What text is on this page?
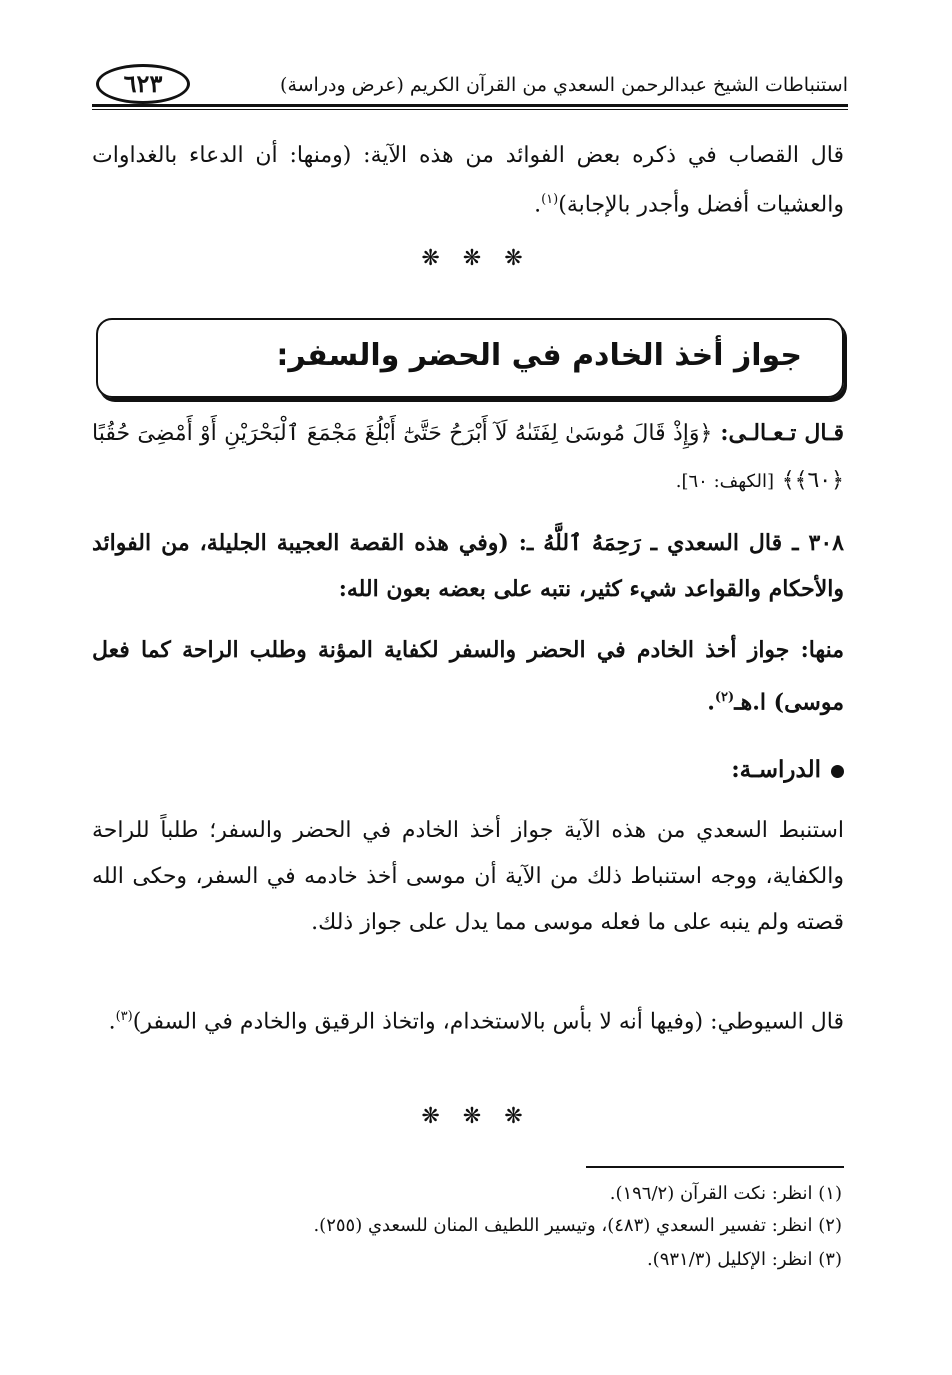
٦٢٣	استنباطات الشيخ عبدالرحمن السعدي من القرآن الكريم (عرض ودراسة)
قال القصاب في ذكره بعض الفوائد من هذه الآية: (ومنها: أن الدعاء بالغداوات والعشيات أفضل وأجدر بالإجابة)$^{(١)}$.
❋ ❋ ❋
جواز أخذ الخادم في الحضر والسفر:
قـال تـعـالـى: ﴿وَإِذْ قَالَ مُوسَىٰ لِفَتَىٰهُ لَآ أَبْرَحُ حَتَّىٰٓ أَبْلُغَ مَجْمَعَ ٱلْبَحْرَيْنِ أَوْ أَمْضِىَ حُقُبًا ﴿٦٠﴾﴾ [الكهف: ٦٠].
٣٠٨ ـ قال السعدي ـ رَحِمَهُ ٱللَّهُ ـ: (وفي هذه القصة العجيبة الجليلة، من الفوائد والأحكام والقواعد شيء كثير، نتبه على بعضه بعون الله:
منها: جواز أخذ الخادم في الحضر والسفر لكفاية المؤنة وطلب الراحة كما فعل موسى) ا.هـ$^{(٢)}$.
الدراسـة:
استنبط السعدي من هذه الآية جواز أخذ الخادم في الحضر والسفر؛ طلباً للراحة والكفاية، ووجه استنباط ذلك من الآية أن موسى أخذ خادمه في السفر، وحكى الله قصته ولم ينبه على ما فعله موسى مما يدل على جواز ذلك.
قال السيوطي: (وفيها أنه لا بأس بالاستخدام، واتخاذ الرقيق والخادم في السفر)$^{(٣)}$.
❋ ❋ ❋
(١) انظر: نكت القرآن (١٩٦/٢).
(٢) انظر: تفسير السعدي (٤٨٣)، وتيسير اللطيف المنان للسعدي (٢٥٥).
(٣) انظر: الإكليل (٩٣١/٣).
